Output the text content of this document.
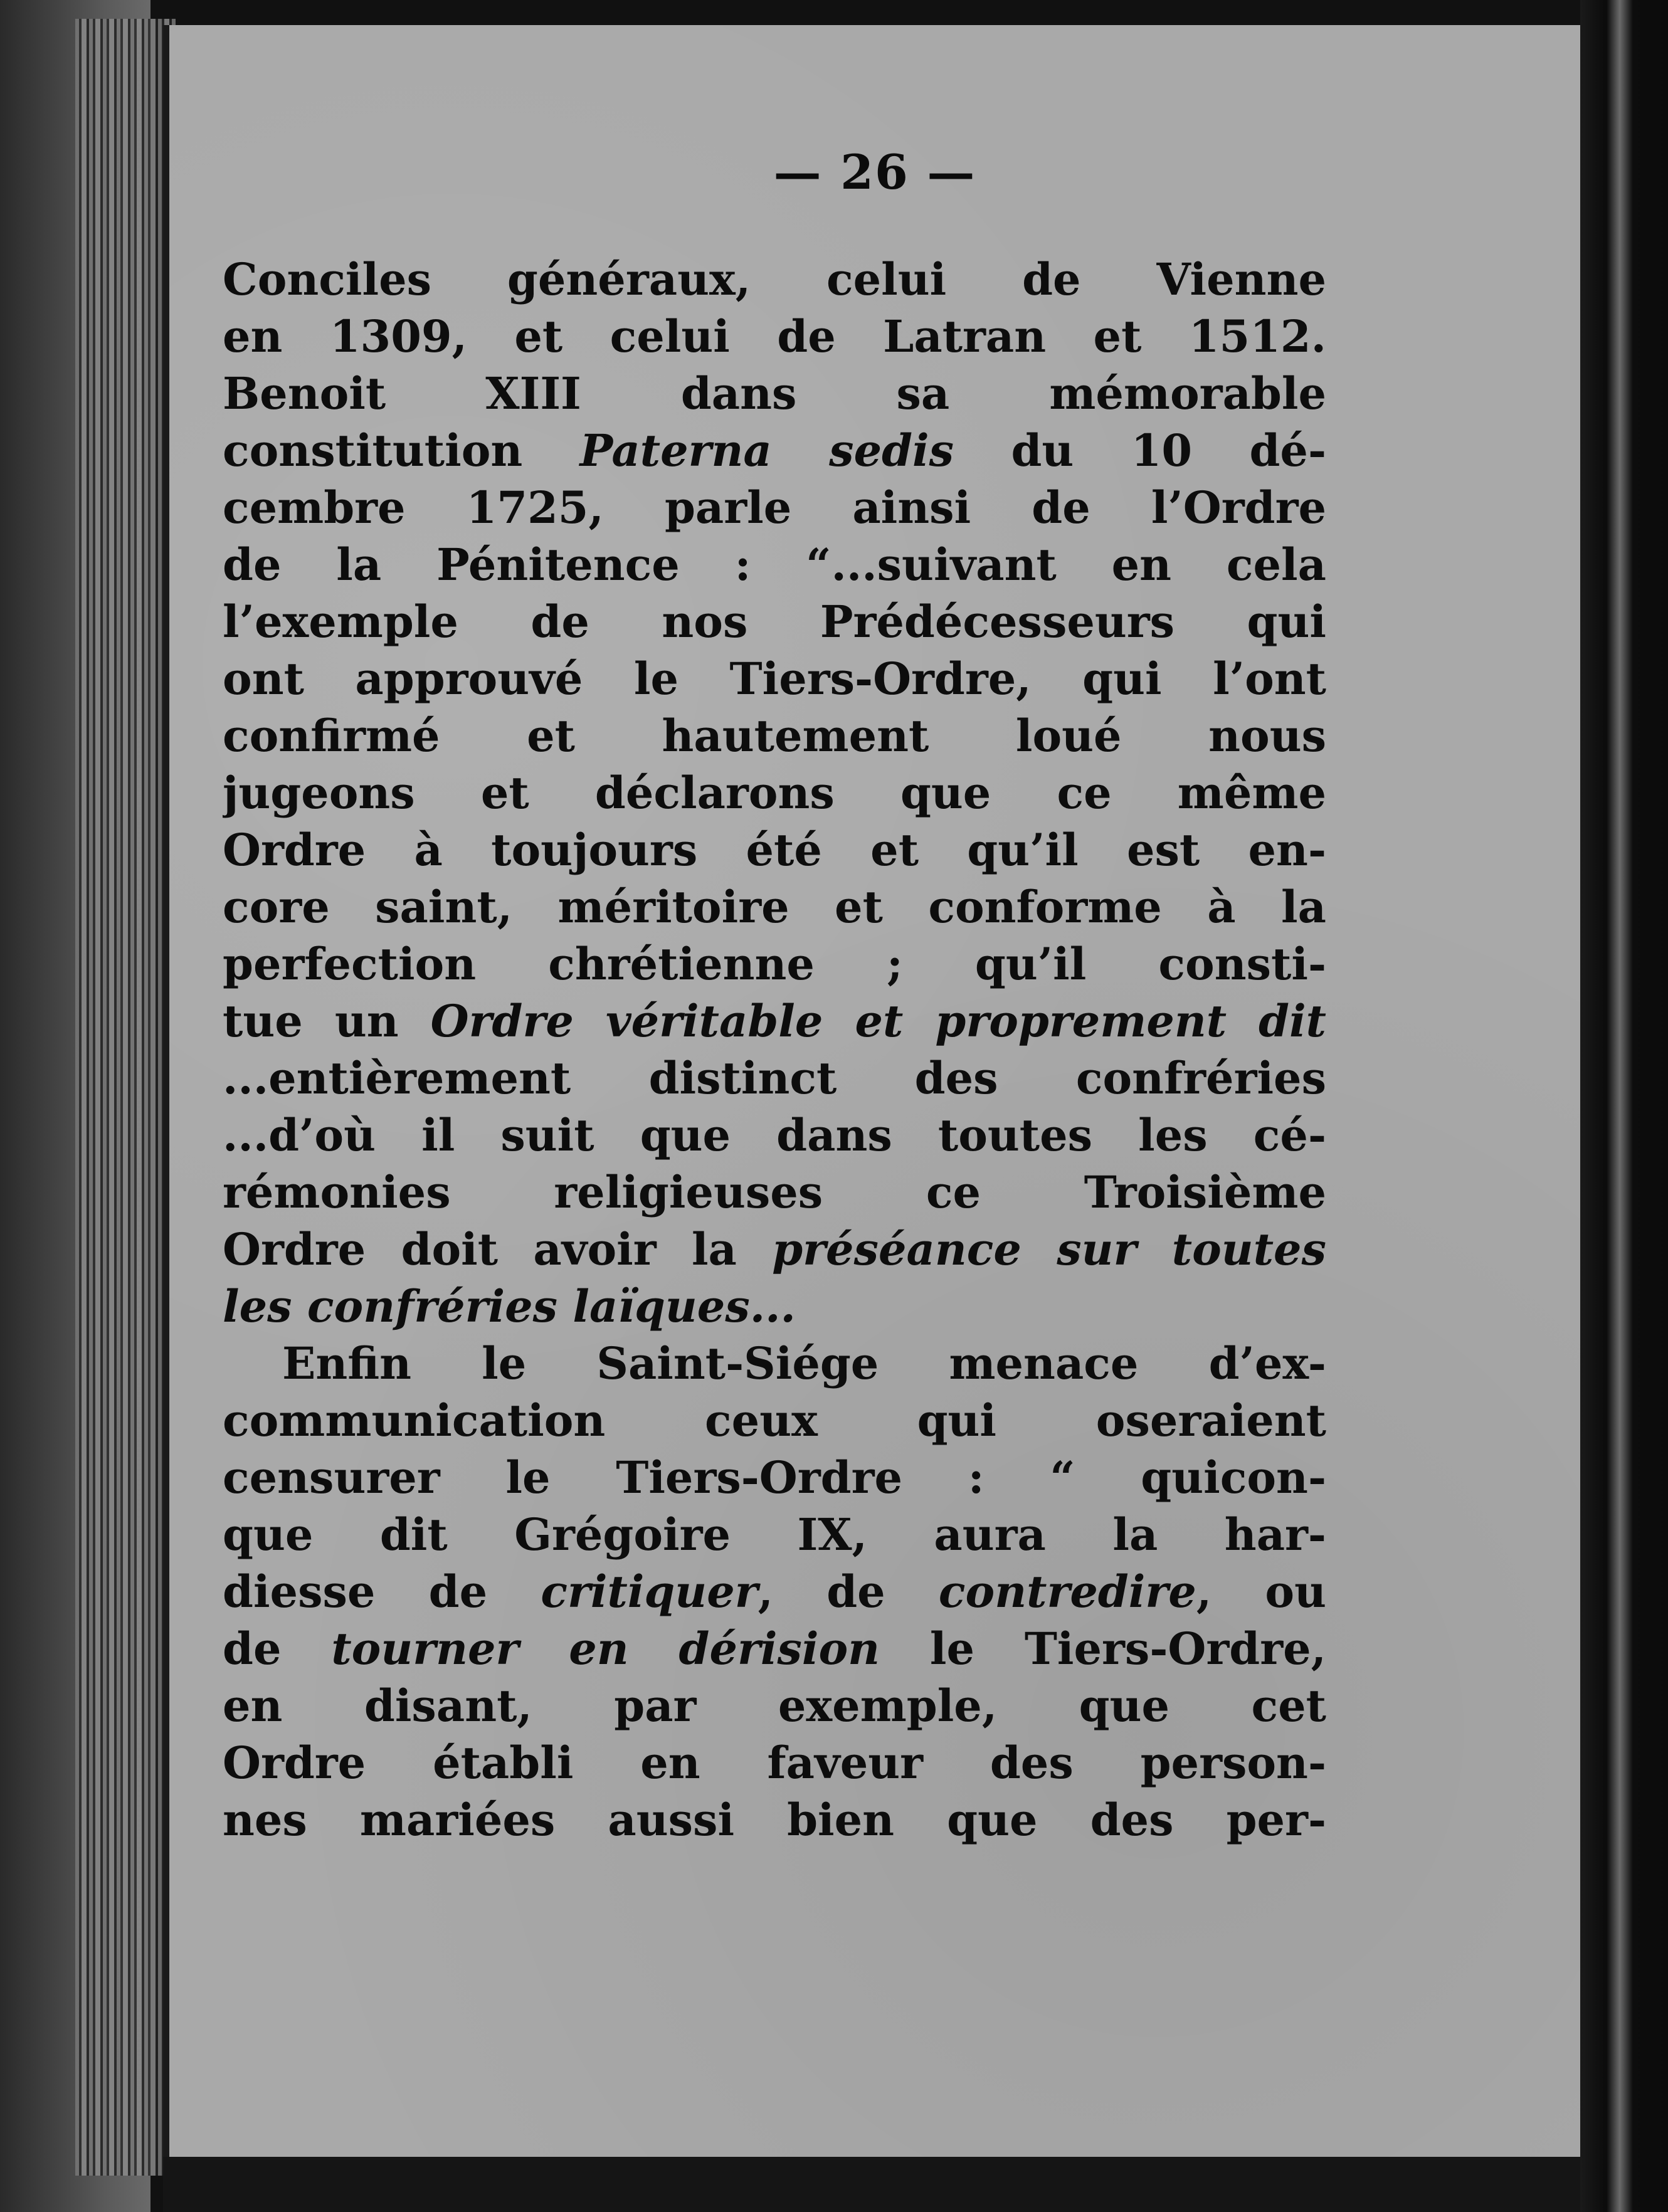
— 26 —
Conciles généraux, celui de Vienne
en 1309, et celui de Latran et 1512.
Benoit XIII dans sa mémorable
constitution Paterna sedis du 10 dé-
cembre 1725, parle ainsi de l’Ordre
de la Pénitence : “...suivant en cela
l’exemple de nos Prédécesseurs qui
ont approuvé le Tiers-Ordre, qui l’ont
confirmé et hautement loué nous
jugeons et déclarons que ce même
Ordre à toujours été et qu’il est en-
core saint, méritoire et conforme à la
perfection chrétienne ; qu’il consti-
tue un Ordre véritable et proprement dit
...entièrement distinct des confréries
...d’où il suit que dans toutes les cé-
rémonies religieuses ce Troisième
Ordre doit avoir la préséance sur toutes
les confréries laïques...
Enfin le Saint-Siége menace d’ex-
communication ceux qui oseraient
censurer le Tiers-Ordre : “ quicon-
que dit Grégoire IX, aura la har-
diesse de critiquer, de contredire, ou
de tourner en dérision le Tiers-Ordre,
en disant, par exemple, que cet
Ordre établi en faveur des person-
nes mariées aussi bien que des per-
